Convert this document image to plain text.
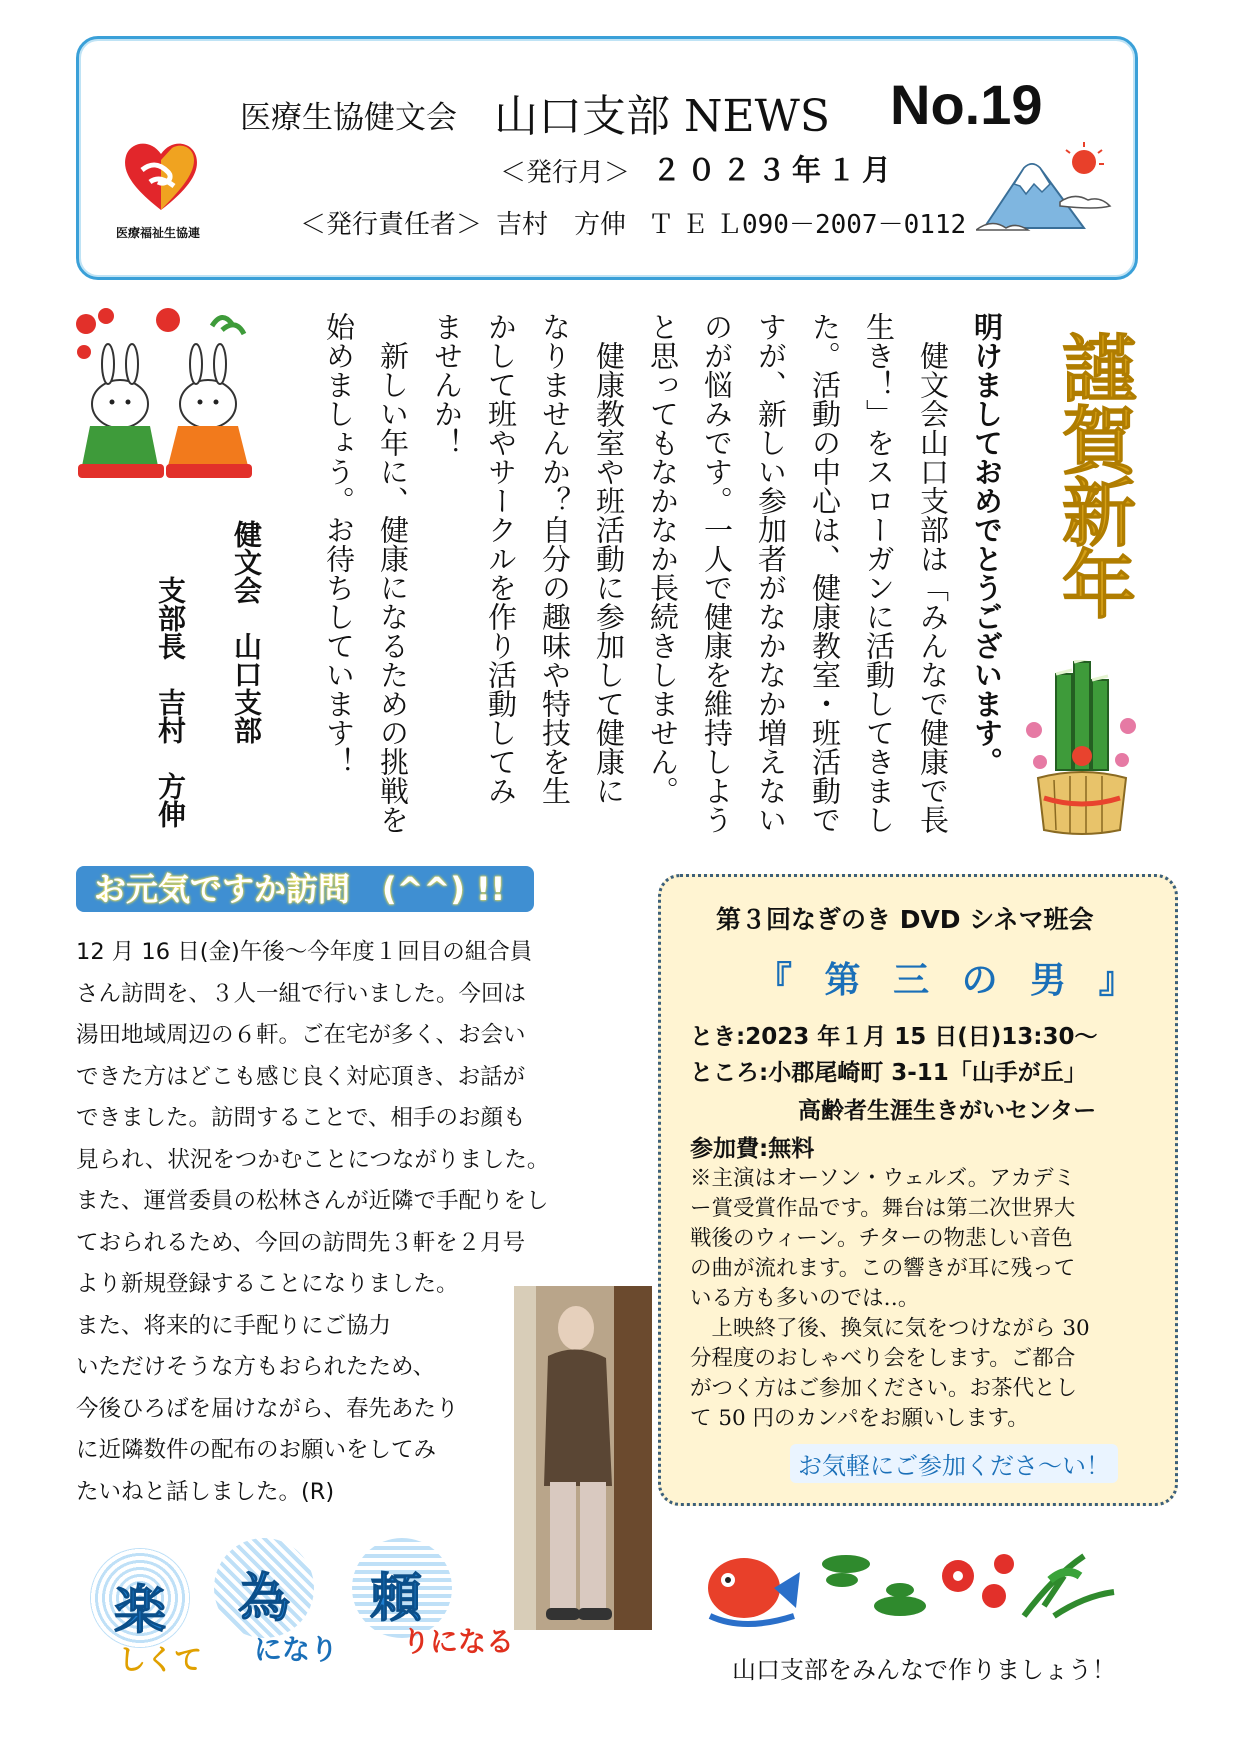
医療福祉生協連
医療生協健文会 山口支部 NEWS No.19
＜発行月＞ ２０２３年１月
＜発行責任者＞ 吉村　方伸 ＴＥＬ
090－2007－0112
謹賀新年
明けましておめでとうございます。
　健文会山口支部は「みんなで健康で長
生き！」をスローガンに活動してきまし
た。活動の中心は、健康教室・班活動で
すが、新しい参加者がなかなか増えない
のが悩みです。一人で健康を維持しよう
と思ってもなかなか長続きしません。
　健康教室や班活動に参加して健康に
なりませんか？自分の趣味や特技を生
かして班やサークルを作り活動してみ
ませんか！
　新しい年に、健康になるための挑戦を
始めましょう。お待ちしています！
健文会　山口支部
支部長　吉村　方伸
お元気ですか訪問　(^^) !!
12 月 16 日(金)午後～今年度１回目の組合員
さん訪問を、３人一組で行いました。今回は
湯田地域周辺の６軒。ご在宅が多く、お会い
できた方はどこも感じ良く対応頂き、お話が
できました。訪問することで、相手のお顔も
見られ、状況をつかむことにつながりました。
また、運営委員の松林さんが近隣で手配りをし
ておられるため、今回の訪問先３軒を２月号
より新規登録することになりました。
また、将来的に手配りにご協力
いただけそうな方もおられたため、
今後ひろばを届けながら、春先あたり
に近隣数件の配布のお願いをしてみ
たいねと話しました。(R)
第３回なぎのき DVD シネマ班会
『 第 三 の 男 』
とき:2023 年１月 15 日(日)13:30～
ところ:小郡尾崎町 3-11「山手が丘」
高齢者生涯生きがいセンター
参加費:無料
※主演はオーソン・ウェルズ。アカデミ
ー賞受賞作品です。舞台は第二次世界大
戦後のウィーン。チターの物悲しい音色
の曲が流れます。この響きが耳に残って
いる方も多いのでは‥。
　上映終了後、換気に気をつけながら 30
分程度のおしゃべり会をします。ご都合
がつく方はご参加ください。お茶代とし
て 50 円のカンパをお願いします。
お気軽にご参加くださ～い！
楽
しくて
為
になり
頼
りになる
山口支部をみんなで作りましょう！
